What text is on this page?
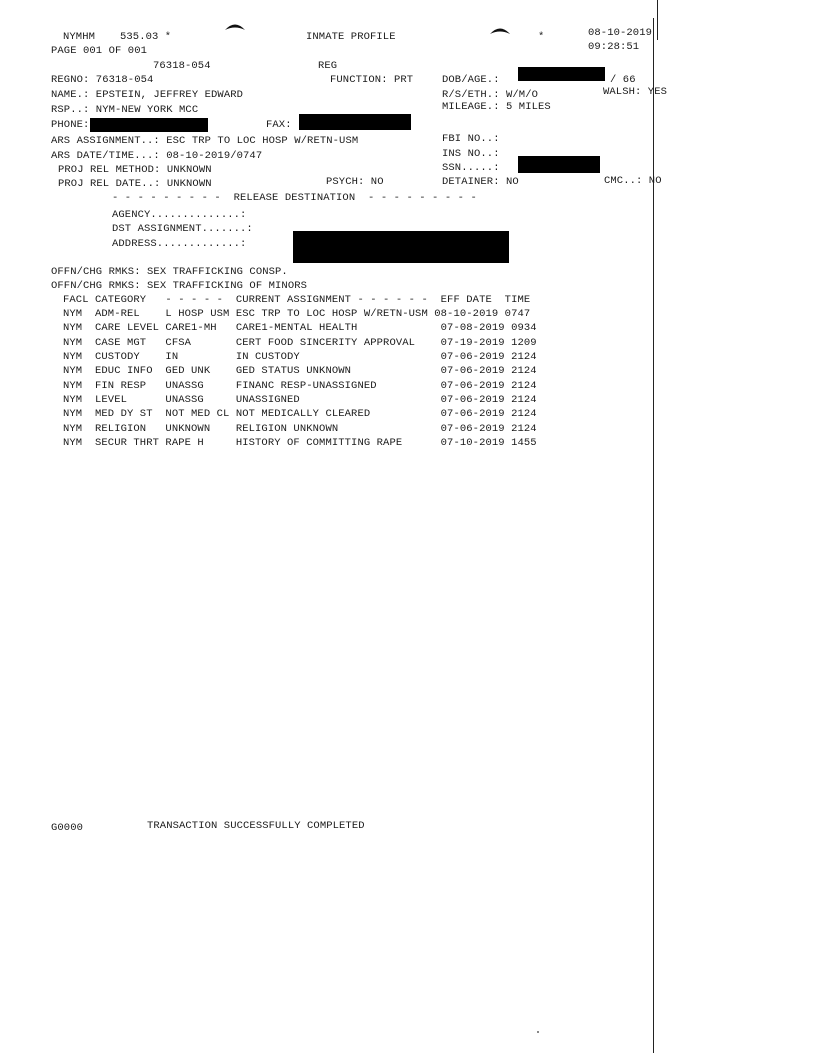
NYMHM 535.03 *	INMATE PROFILE	*	08-10-2019
09:28:51
PAGE 001 OF 001
76318-054	REG
REGNO: 76318-054	FUNCTION: PRT	DOB/AGE.:	/ 66
NAME.: EPSTEIN, JEFFREY EDWARD	R/S/ETH.: W/M/O	WALSH: YES
RSP..: NYM-NEW YORK MCC	MILEAGE.: 5 MILES
PHONE:	FAX:
ARS ASSIGNMENT..: ESC TRP TO LOC HOSP W/RETN-USM	FBI NO..:
ARS DATE/TIME...: 08-10-2019/0747	INS NO..:
PROJ REL METHOD: UNKNOWN	SSN.....:
PROJ REL DATE..: UNKNOWN	PSYCH: NO	DETAINER: NO	CMC..: NO
- - - - - - - - -  RELEASE DESTINATION  - - - - - - - - -
AGENCY..............:
DST ASSIGNMENT.......:
ADDRESS.............:
OFFN/CHG RMKS: SEX TRAFFICKING CONSP.
OFFN/CHG RMKS: SEX TRAFFICKING OF MINORS
FACL CATEGORY   - - - - -  CURRENT ASSIGNMENT - - - - - -  EFF DATE  TIME
NYM  ADM-REL    L HOSP USM ESC TRP TO LOC HOSP W/RETN-USM 08-10-2019 0747
NYM  CARE LEVEL CARE1-MH   CARE1-MENTAL HEALTH             07-08-2019 0934
NYM  CASE MGT   CFSA       CERT FOOD SINCERITY APPROVAL    07-19-2019 1209
NYM  CUSTODY    IN         IN CUSTODY                      07-06-2019 2124
NYM  EDUC INFO  GED UNK    GED STATUS UNKNOWN              07-06-2019 2124
NYM  FIN RESP   UNASSG     FINANC RESP-UNASSIGNED          07-06-2019 2124
NYM  LEVEL      UNASSG     UNASSIGNED                      07-06-2019 2124
NYM  MED DY ST  NOT MED CL NOT MEDICALLY CLEARED           07-06-2019 2124
NYM  RELIGION   UNKNOWN    RELIGION UNKNOWN                07-06-2019 2124
NYM  SECUR THRT RAPE H     HISTORY OF COMMITTING RAPE      07-10-2019 1455
G0000	TRANSACTION SUCCESSFULLY COMPLETED
